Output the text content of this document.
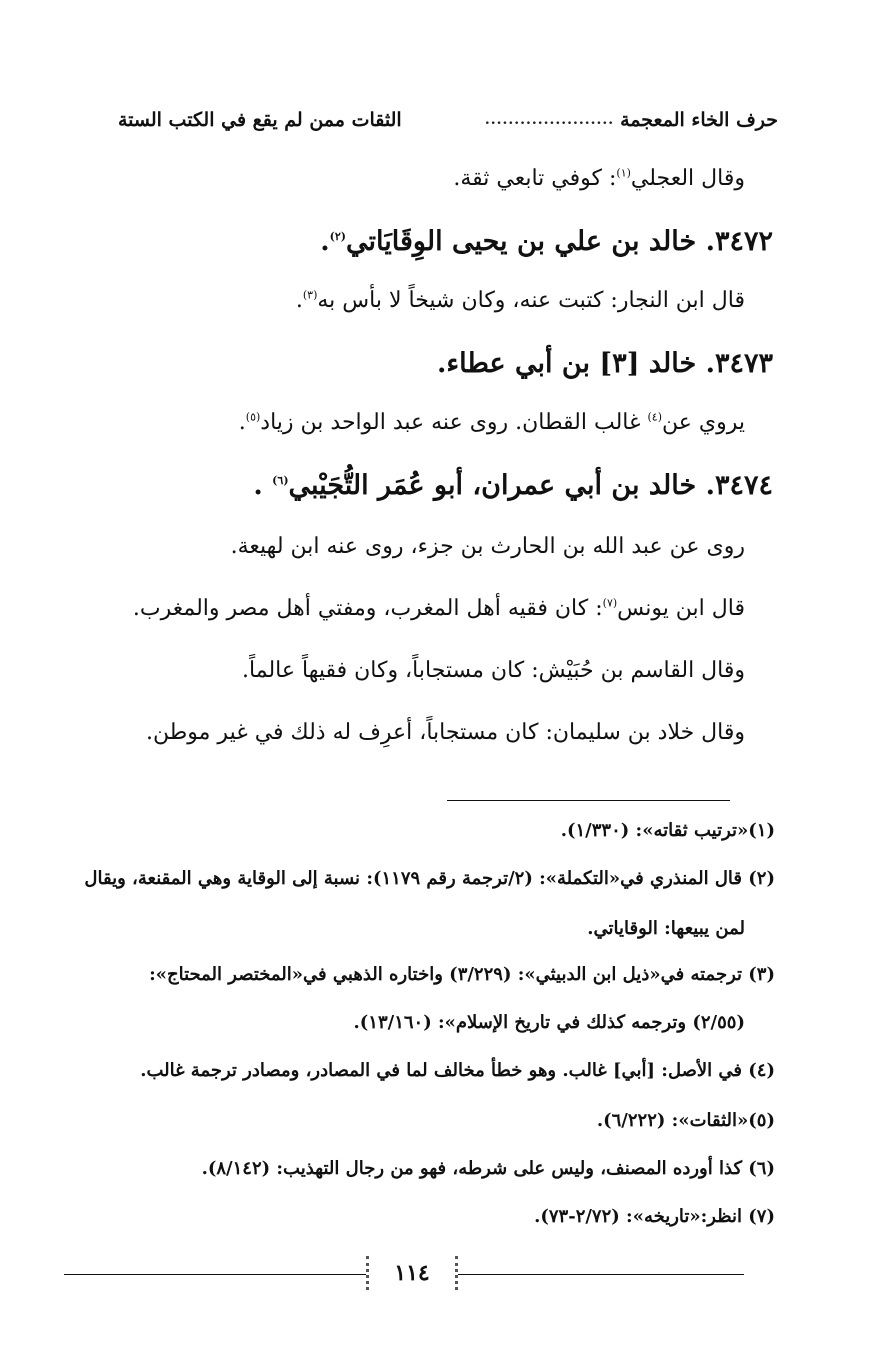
حرف الخاء المعجمة
......................
الثقات ممن لم يقع في الكتب الستة
وقال العجلي$^{(١)}$: كوفي تابعي ثقة.
٣٤٧٢. خالد بن علي بن يحيى الوِقَايَاتي$^{(٢)}$.
قال ابن النجار: كتبت عنه، وكان شيخاً لا بأس به$^{(٣)}$.
٣٤٧٣. خالد [٣] بن أبي عطاء.
يروي عن$^{(٤)}$ غالب القطان. روى عنه عبد الواحد بن زياد$^{(٥)}$.
٣٤٧٤. خالد بن أبي عمران، أبو عُمَر التُّجَيْبي$^{(٦)}$ .
روى عن عبد الله بن الحارث بن جزء، روى عنه ابن لهيعة.
قال ابن يونس$^{(٧)}$: كان فقيه أهل المغرب، ومفتي أهل مصر والمغرب.
وقال القاسم بن حُبَيْش: كان مستجاباً، وكان فقيهاً عالماً.
وقال خلاد بن سليمان: كان مستجاباً، أعرِف له ذلك في غير موطن.
(١)«ترتيب ثقاته»: (١/٣٣٠).
(٢) قال المنذري في«التكملة»: (٢/ترجمة رقم ١١٧٩): نسبة إلى الوقاية وهي المقنعة، ويقال
لمن يبيعها: الوقاياتي.
(٣) ترجمته في«ذيل ابن الدبيثي»: (٣/٢٢٩) واختاره الذهبي في«المختصر المحتاج»:
(٢/٥٥) وترجمه كذلك في تاريخ الإسلام»: (١٣/١٦٠).
(٤) في الأصل: [أبي] غالب. وهو خطأ مخالف لما في المصادر، ومصادر ترجمة غالب.
(٥)«الثقات»: (٦/٢٢٢).
(٦) كذا أورده المصنف، وليس على شرطه، فهو من رجال التهذيب: (٨/١٤٢).
(٧) انظر:«تاريخه»: (٢/٧٢-٧٣).
١١٤
